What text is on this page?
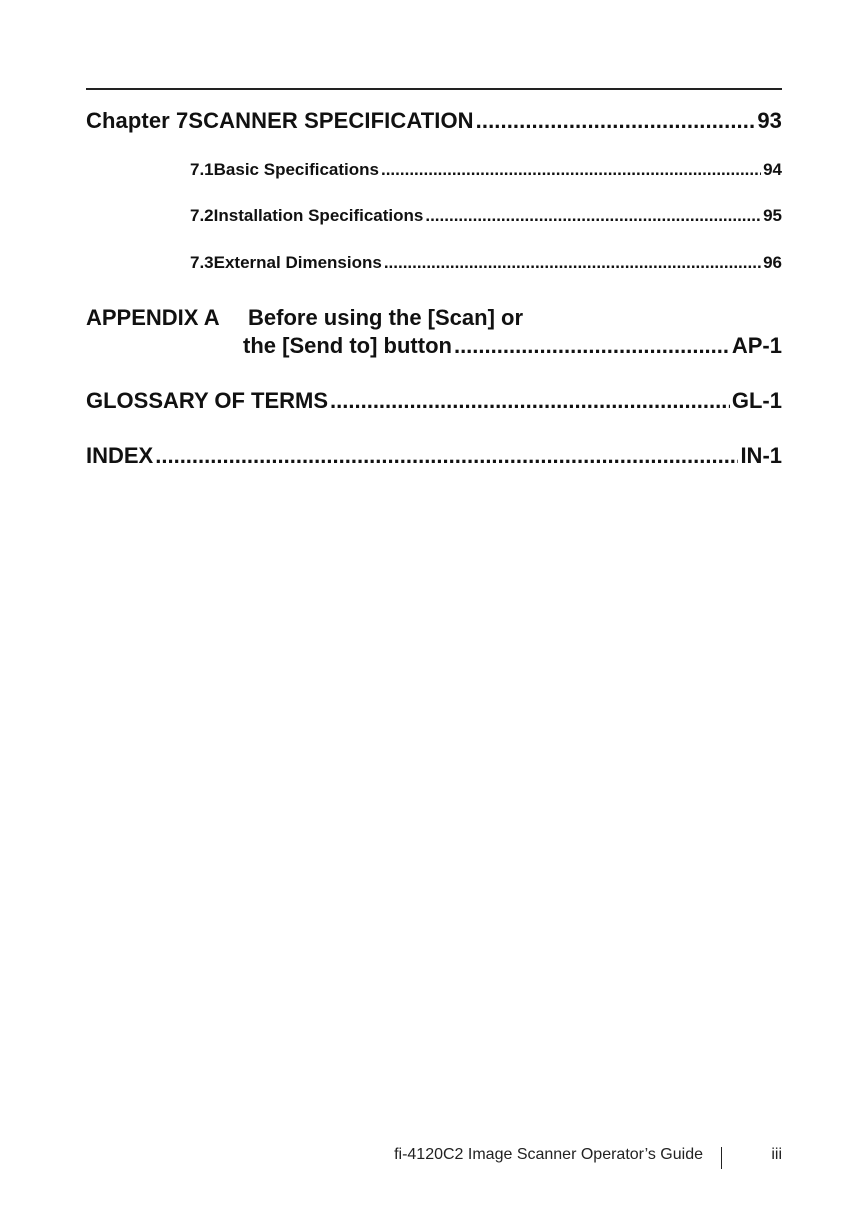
Chapter 7 SCANNER SPECIFICATION .....	93
7.1 Basic Specifications .....	94
7.2 Installation Specifications .....	95
7.3 External Dimensions .....	96
APPENDIX A Before using the [Scan] or
the [Send to] button .....	AP-1
GLOSSARY OF TERMS .....	GL-1
INDEX .....	IN-1
fi-4120C2 Image Scanner Operator’s Guide	iii
